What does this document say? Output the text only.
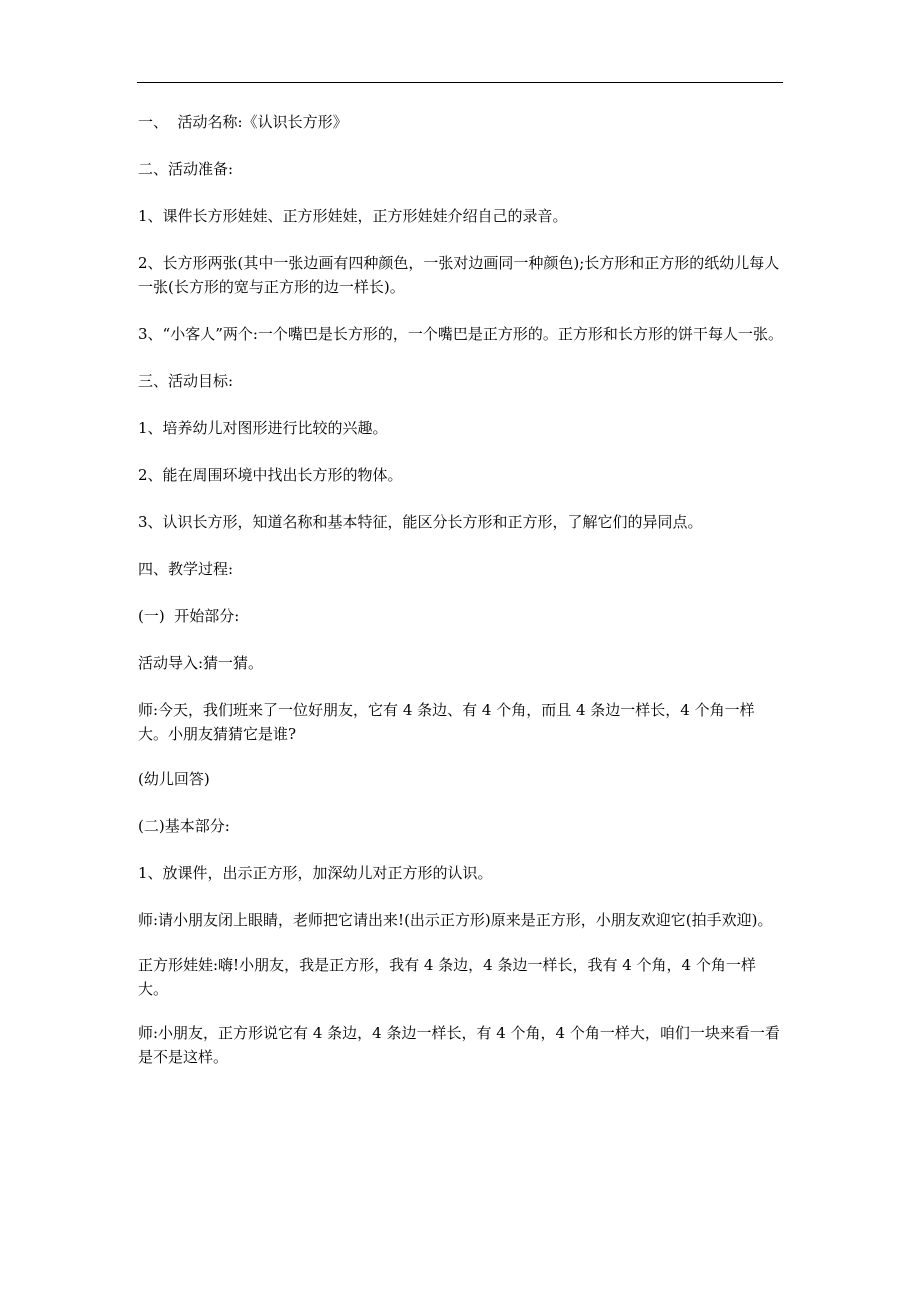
一、  活动名称:《认识长方形》

二、活动准备:

1、课件长方形娃娃、正方形娃娃，正方形娃娃介绍自己的录音。

2、长方形两张(其中一张边画有四种颜色，一张对边画同一种颜色);长方形和正方形的纸幼儿每人一张(长方形的宽与正方形的边一样长)。

3、“小客人”两个:一个嘴巴是长方形的，一个嘴巴是正方形的。正方形和长方形的饼干每人一张。

三、活动目标:

1、培养幼儿对图形进行比较的兴趣。

2、能在周围环境中找出长方形的物体。

3、认识长方形，知道名称和基本特征，能区分长方形和正方形，了解它们的异同点。

四、教学过程:

(一)  开始部分:

活动导入:猜一猜。

师:今天，我们班来了一位好朋友，它有 4 条边、有 4 个角，而且 4 条边一样长，4 个角一样大。小朋友猜猜它是谁?

(幼儿回答)

(二)基本部分:

1、放课件，出示正方形，加深幼儿对正方形的认识。

师:请小朋友闭上眼睛，老师把它请出来!(出示正方形)原来是正方形，小朋友欢迎它(拍手欢迎)。

正方形娃娃:嗨!小朋友，我是正方形，我有 4 条边，4 条边一样长，我有 4 个角，4 个角一样大。

师:小朋友，正方形说它有 4 条边，4 条边一样长，有 4 个角，4 个角一样大，咱们一块来看一看是不是这样。
